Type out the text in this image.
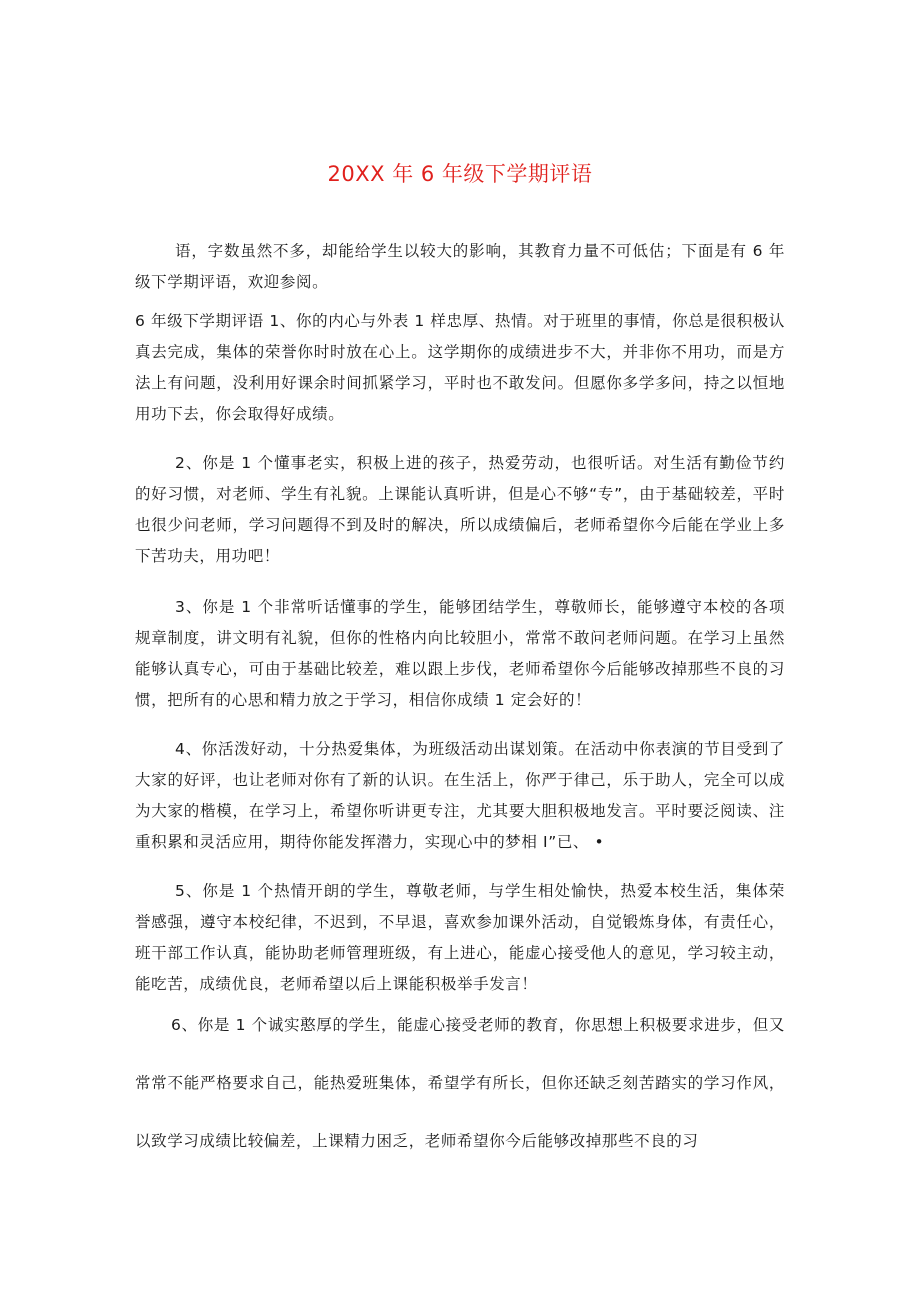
20XX 年 6 年级下学期评语

语，字数虽然不多，却能给学生以较大的影响，其教育力量不可低估；下面是有 6 年级下学期评语，欢迎参阅。

6 年级下学期评语 1、你的内心与外表 1 样忠厚、热情。对于班里的事情，你总是很积极认真去完成，集体的荣誉你时时放在心上。这学期你的成绩进步不大，并非你不用功，而是方法上有问题，没利用好课余时间抓紧学习，平时也不敢发问。但愿你多学多问，持之以恒地用功下去，你会取得好成绩。

2、你是 1 个懂事老实，积极上进的孩子，热爱劳动，也很听话。对生活有勤俭节约的好习惯，对老师、学生有礼貌。上课能认真听讲，但是心不够“专”，由于基础较差，平时也很少问老师，学习问题得不到及时的解决，所以成绩偏后，老师希望你今后能在学业上多下苦功夫，用功吧！

3、你是 1 个非常听话懂事的学生，能够团结学生，尊敬师长，能够遵守本校的各项规章制度，讲文明有礼貌，但你的性格内向比较胆小，常常不敢问老师问题。在学习上虽然能够认真专心，可由于基础比较差，难以跟上步伐，老师希望你今后能够改掉那些不良的习惯，把所有的心思和精力放之于学习，相信你成绩 1 定会好的！

4、你活泼好动，十分热爱集体，为班级活动出谋划策。在活动中你表演的节目受到了大家的好评，也让老师对你有了新的认识。在生活上，你严于律己，乐于助人，完全可以成为大家的楷模，在学习上，希望你听讲更专注，尤其要大胆积极地发言。平时要泛阅读、注重积累和灵活应用，期待你能发挥潜力，实现心中的梦相 I”已、 •

5、你是 1 个热情开朗的学生，尊敬老师，与学生相处愉快，热爱本校生活，集体荣誉感强，遵守本校纪律，不迟到，不早退，喜欢参加课外活动，自觉锻炼身体，有责任心，班干部工作认真，能协助老师管理班级，有上进心，能虚心接受他人的意见，学习较主动，能吃苦，成绩优良，老师希望以后上课能积极举手发言！

6、你是 1 个诚实憨厚的学生，能虚心接受老师的教育，你思想上积极要求进步，但又常常不能严格要求自己，能热爱班集体，希望学有所长，但你还缺乏刻苦踏实的学习作风，以致学习成绩比较偏差，上课精力困乏，老师希望你今后能够改掉那些不良的习
